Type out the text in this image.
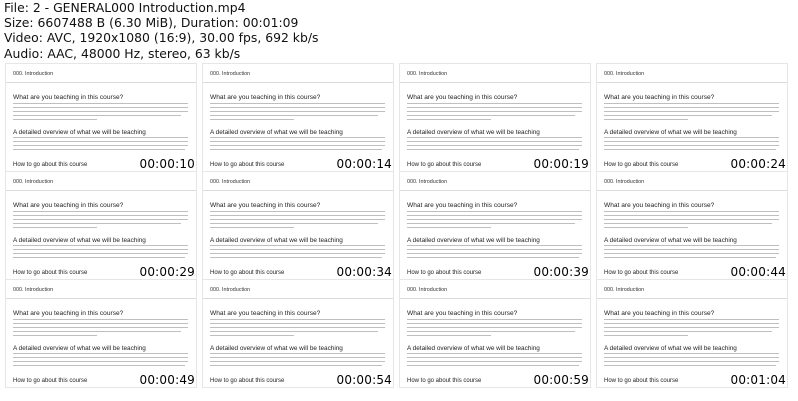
File: 2 - GENERAL000 Introduction.mp4
Size: 6607488 B (6.30 MiB), Duration: 00:01:09
Video: AVC, 1920x1080 (16:9), 30.00 fps, 692 kb/s
Audio: AAC, 48000 Hz, stereo, 63 kb/s
000. Introduction
What are you teaching in this course?
A detailed overview of what we will be teaching
How to go about this course	00:00:10
000. Introduction
What are you teaching in this course?
A detailed overview of what we will be teaching
How to go about this course	00:00:14
000. Introduction
What are you teaching in this course?
A detailed overview of what we will be teaching
How to go about this course	00:00:19
000. Introduction
What are you teaching in this course?
A detailed overview of what we will be teaching
How to go about this course	00:00:24
000. Introduction
What are you teaching in this course?
A detailed overview of what we will be teaching
How to go about this course	00:00:29
000. Introduction
What are you teaching in this course?
A detailed overview of what we will be teaching
How to go about this course	00:00:34
000. Introduction
What are you teaching in this course?
A detailed overview of what we will be teaching
How to go about this course	00:00:39
000. Introduction
What are you teaching in this course?
A detailed overview of what we will be teaching
How to go about this course	00:00:44
000. Introduction
What are you teaching in this course?
A detailed overview of what we will be teaching
How to go about this course	00:00:49
000. Introduction
What are you teaching in this course?
A detailed overview of what we will be teaching
How to go about this course	00:00:54
000. Introduction
What are you teaching in this course?
A detailed overview of what we will be teaching
How to go about this course	00:00:59
000. Introduction
What are you teaching in this course?
A detailed overview of what we will be teaching
How to go about this course	00:01:04
